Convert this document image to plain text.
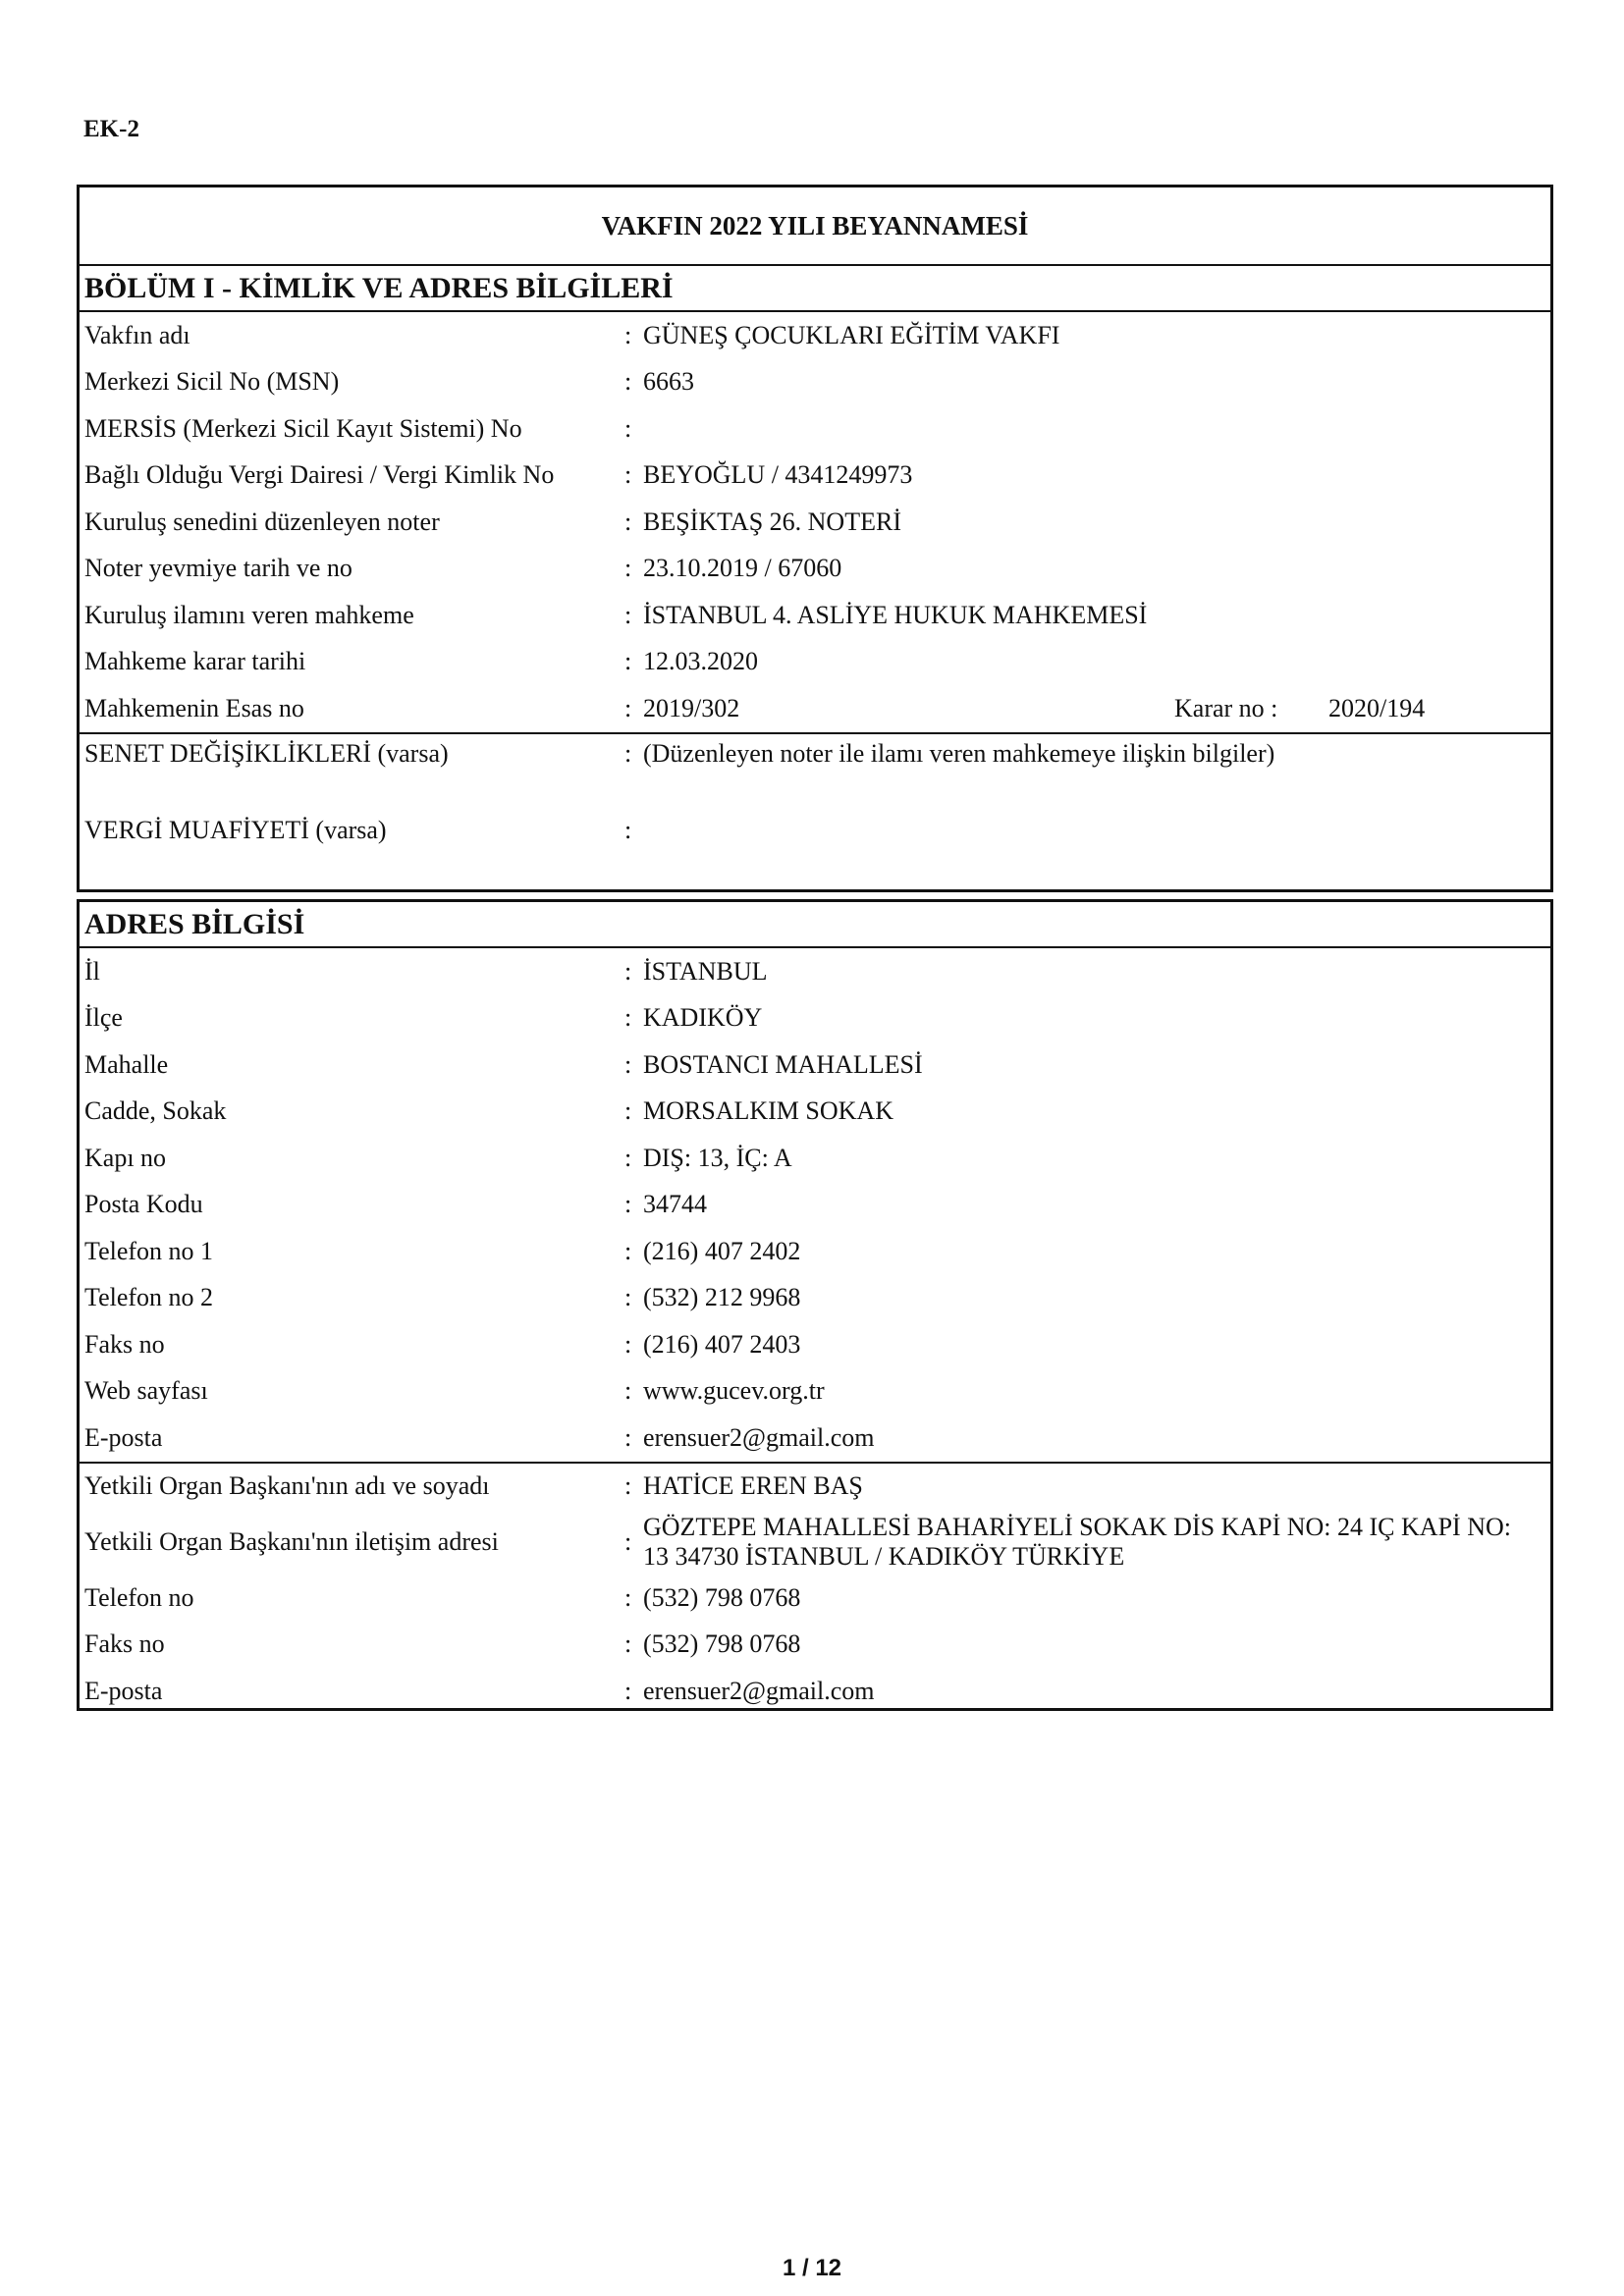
EK-2
VAKFIN 2022 YILI BEYANNAMESİ
BÖLÜM I - KİMLİK VE ADRES BİLGİLERİ
Vakfın adı	: GÜNEŞ ÇOCUKLARI EĞİTİM VAKFI
Merkezi Sicil No (MSN)	: 6663
MERSİS (Merkezi Sicil Kayıt Sistemi) No	:
Bağlı Olduğu Vergi Dairesi / Vergi Kimlik No	: BEYOĞLU / 4341249973
Kuruluş senedini düzenleyen noter	: BEŞİKTAŞ 26. NOTERİ
Noter yevmiye tarih ve no	: 23.10.2019 / 67060
Kuruluş ilamını veren mahkeme	: İSTANBUL 4. ASLİYE HUKUK MAHKEMESİ
Mahkeme karar tarihi	: 12.03.2020
Mahkemenin Esas no	: 2019/302	Karar no : 2020/194
SENET DEĞİŞİKLİKLERİ (varsa)	: (Düzenleyen noter ile ilamı veren mahkemeye ilişkin bilgiler)
VERGİ MUAFİYETİ (varsa)	:
ADRES BİLGİSİ
İl	: İSTANBUL
İlçe	: KADIKÖY
Mahalle	: BOSTANCI MAHALLESİ
Cadde, Sokak	: MORSALKIM SOKAK
Kapı no	: DIŞ: 13, İÇ: A
Posta Kodu	: 34744
Telefon no 1	: (216) 407 2402
Telefon no 2	: (532) 212 9968
Faks no	: (216) 407 2403
Web sayfası	: www.gucev.org.tr
E-posta	: erensuer2@gmail.com
Yetkili Organ Başkanı'nın adı ve soyadı	: HATİCE EREN BAŞ
Yetkili Organ Başkanı'nın iletişim adresi	:
GÖZTEPE MAHALLESİ BAHARİYELİ SOKAK DİS KAPİ NO: 24 IÇ KAPİ NO: 13 34730 İSTANBUL / KADIKÖY TÜRKİYE
Telefon no	: (532) 798 0768
Faks no	: (532) 798 0768
E-posta	: erensuer2@gmail.com
1 / 12
